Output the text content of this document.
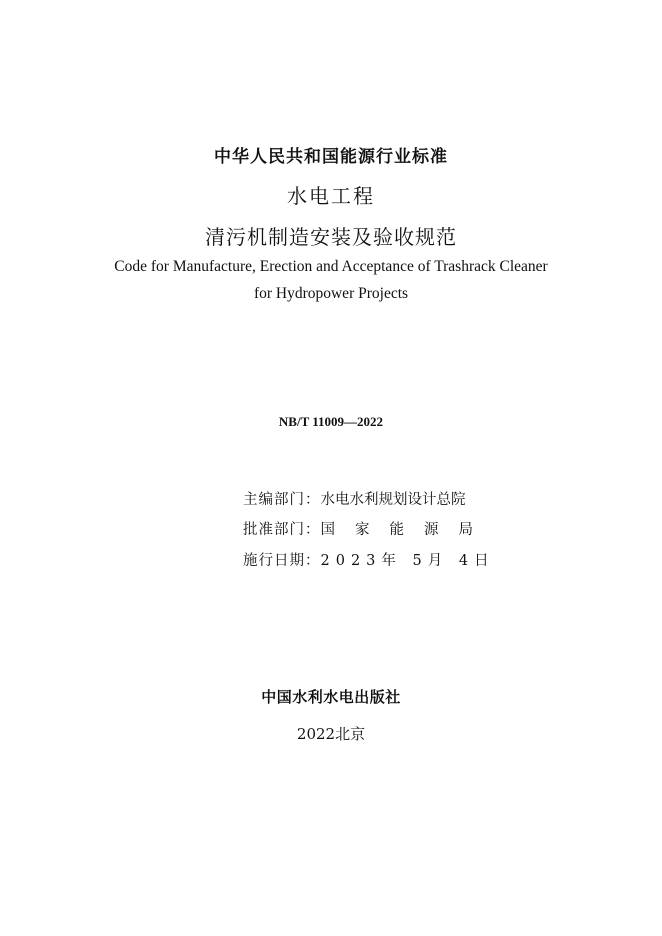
中华人民共和国能源行业标准
水电工程
清污机制造安装及验收规范
Code for Manufacture, Erection and Acceptance of Trashrack Cleaner
for Hydropower Projects
NB/T 11009—2022
主编部门：水电水利规划设计总院
批准部门：国家能源局
施行日期：2023年 5月 4日
中国水利水电出版社
2022北京
